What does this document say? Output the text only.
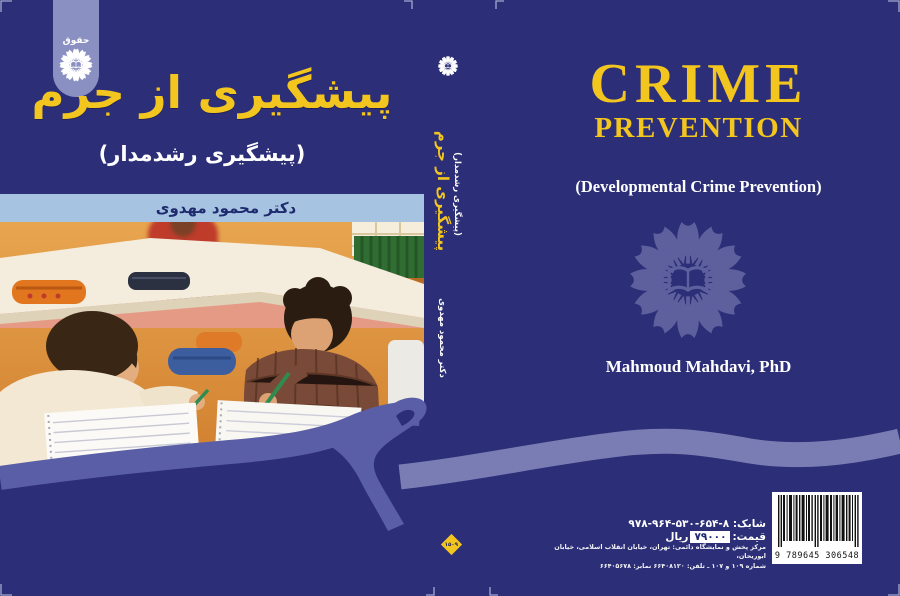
حقوق
پیشگیری از جرم
(پیشگیری رشدمدار)
دکتر محمود مهدوی	پیشگیری از جرم (پیشگیری رشدمدار)
دکتر محمود مهدوی
۱۵۰۹
CRIME
PREVENTION
(Developmental Crime Prevention)
Mahmoud Mahdavi, PhD
شابک: ۹۷۸-۹۶۴-۵۳۰-۶۵۴-۸
قیمت:۷۹۰۰۰ریال
مرکز پخش و نمایشگاه دائمی: تهران، خیابان انقلاب اسلامی، خیابان ابوریحان،
شماره ۱۰۹ و ۱۰۷ ـ تلفن: ۶۶۴۰۸۱۲۰ نمابر: ۶۶۴۰۵۶۷۸
9 789645 306548
